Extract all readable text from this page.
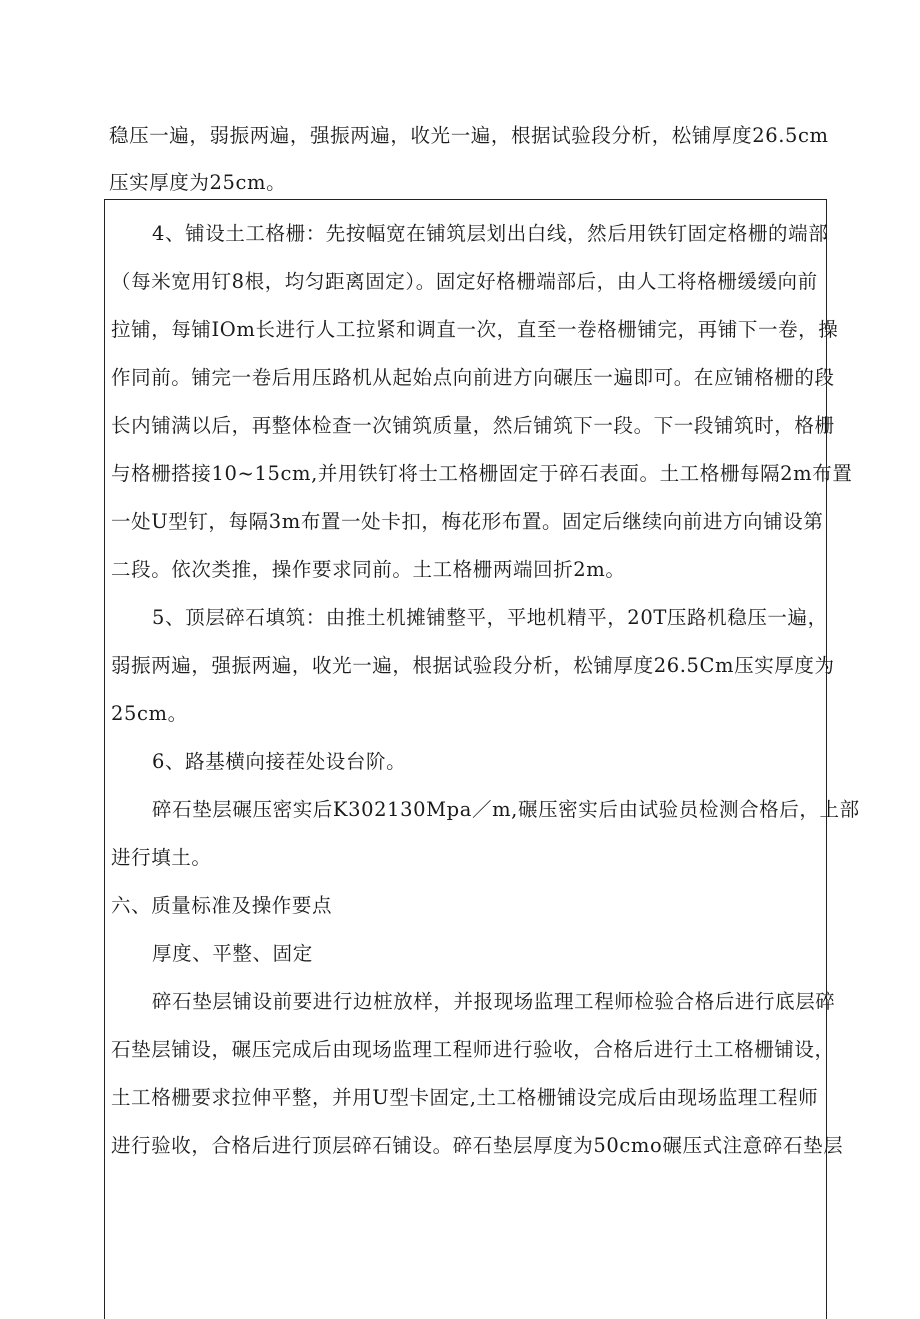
稳压一遍，弱振两遍，强振两遍，收光一遍，根据试验段分析，松铺厚度26.5cm
压实厚度为25cm。
4、铺设土工格栅：先按幅宽在铺筑层划出白线，然后用铁钉固定格栅的端部
（每米宽用钉8根，均匀距离固定）。固定好格栅端部后，由人工将格栅缓缓向前
拉铺，每铺IOm长进行人工拉紧和调直一次，直至一卷格栅铺完，再铺下一卷，操
作同前。铺完一卷后用压路机从起始点向前进方向碾压一遍即可。在应铺格栅的段
长内铺满以后，再整体检查一次铺筑质量，然后铺筑下一段。下一段铺筑时，格栅
与格栅搭接10~15cm,并用铁钉将士工格栅固定于碎石表面。土工格栅每隔2m布置
一处U型钉，每隔3m布置一处卡扣，梅花形布置。固定后继续向前进方向铺设第
二段。依次类推，操作要求同前。土工格栅两端回折2m。
5、顶层碎石填筑：由推土机摊铺整平，平地机精平，20T压路机稳压一遍，
弱振两遍，强振两遍，收光一遍，根据试验段分析，松铺厚度26.5Cm压实厚度为
25cm。
6、路基横向接茬处设台阶。
碎石垫层碾压密实后K302130Mpa／m,碾压密实后由试验员检测合格后，上部
进行填土。
六、质量标准及操作要点
厚度、平整、固定
碎石垫层铺设前要进行边桩放样，并报现场监理工程师检验合格后进行底层碎
石垫层铺设，碾压完成后由现场监理工程师进行验收，合格后进行土工格栅铺设，
土工格栅要求拉伸平整，并用U型卡固定,土工格栅铺设完成后由现场监理工程师
进行验收，合格后进行顶层碎石铺设。碎石垫层厚度为50cmo碾压式注意碎石垫层
